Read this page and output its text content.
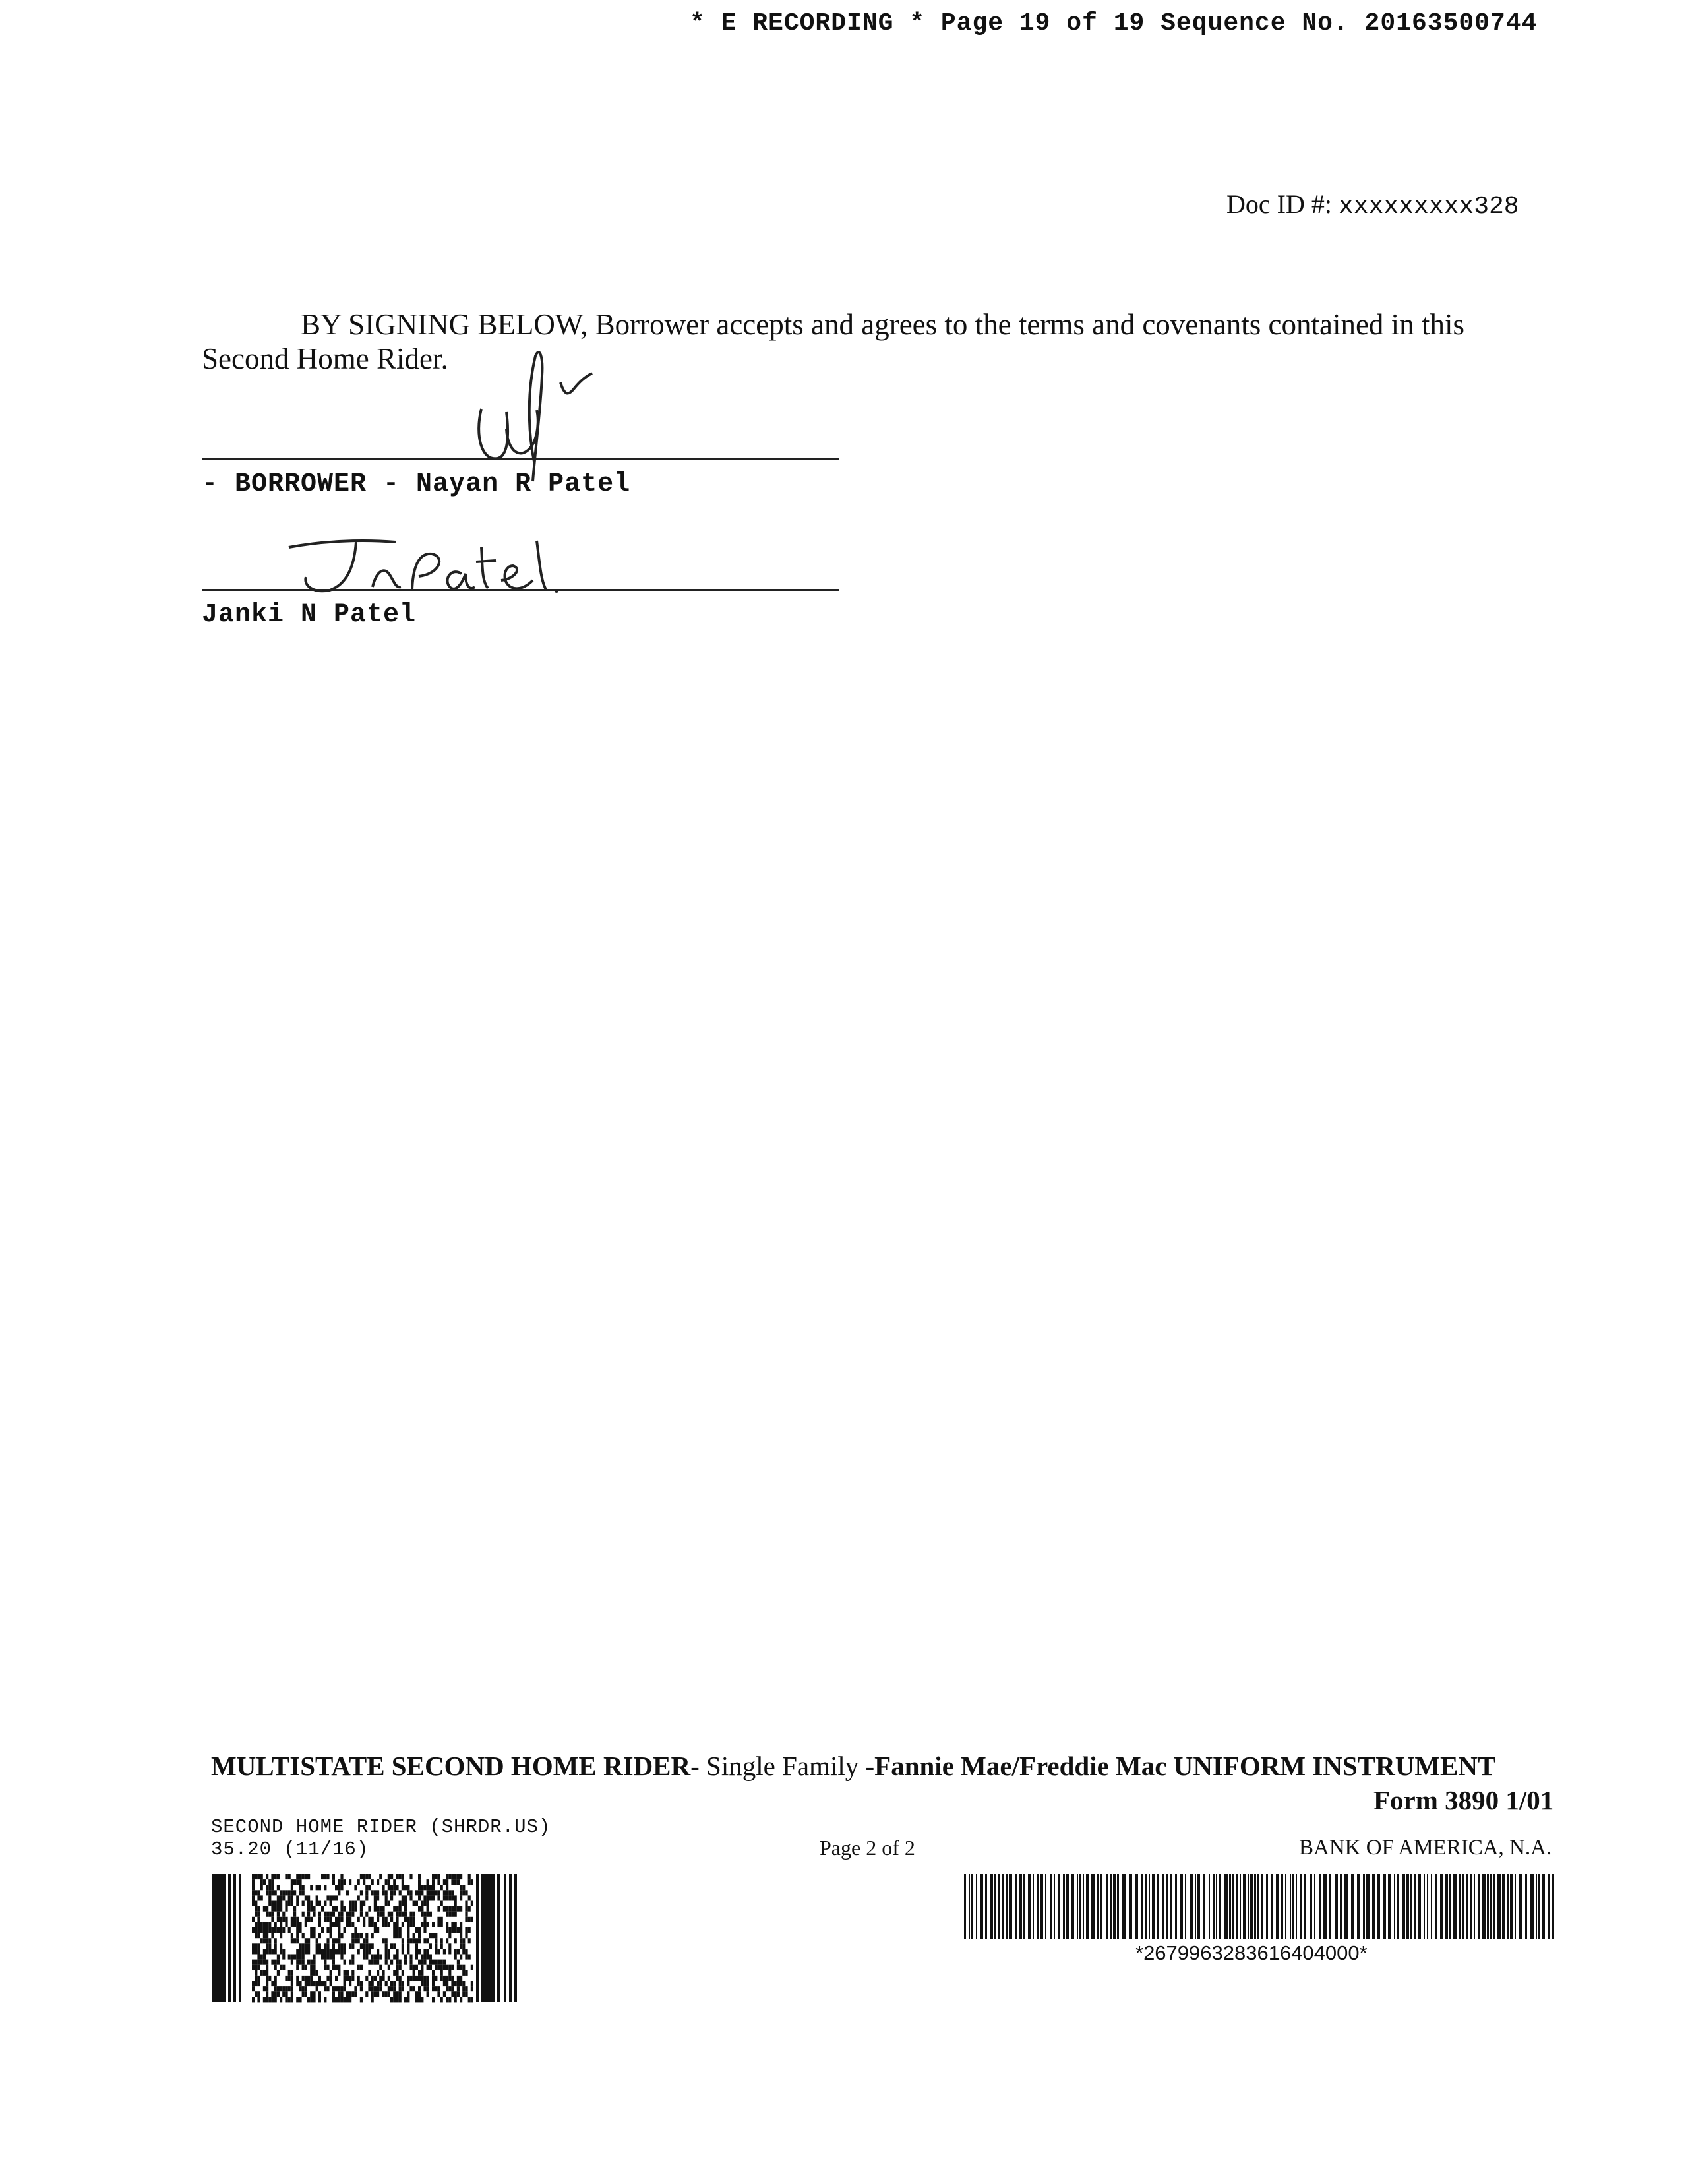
* E RECORDING * Page 19 of 19 Sequence No. 20163500744
Doc ID #: xxxxxxxxx328
BY SIGNING BELOW, Borrower accepts and agrees to the terms and covenants contained in this
Second Home Rider.
- BORROWER - Nayan R Patel
Janki N Patel
MULTISTATE SECOND HOME RIDER- Single Family -Fannie Mae/Freddie Mac UNIFORM INSTRUMENT
Form 3890 1/01
SECOND HOME RIDER (SHRDR.US)
35.20 (11/16)	Page 2 of 2	BANK OF AMERICA, N.A.
*2679963283616404000*
